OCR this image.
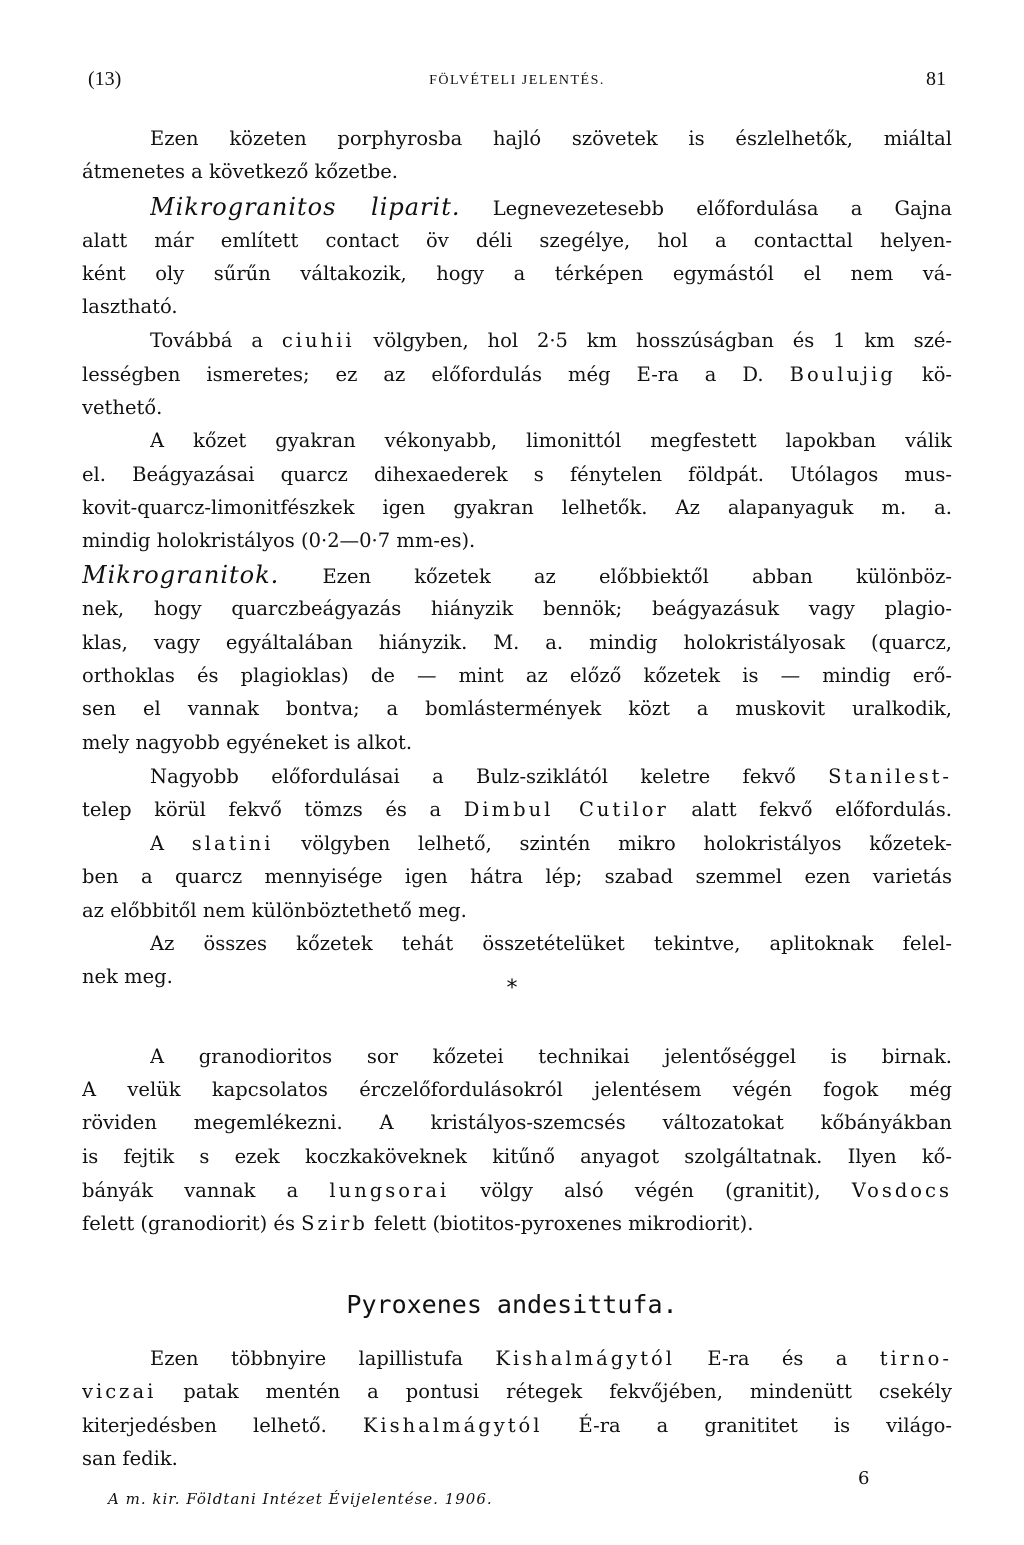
(13)	FÖLVÉTELI JELENTÉS.	81
Ezen közeten porphyrosba hajló szövetek is észlelhetők, miáltal
átmenetes a következő kőzetbe.
Mikrogranitos liparit. Legnevezetesebb előfordulása a Gajna
alatt már említett contact öv déli szegélye, hol a contacttal helyen-
ként oly sűrűn váltakozik, hogy a térképen egymástól el nem vá-
lasztható.
Továbbá a ciuhii völgyben, hol 2·5 km hosszúságban és 1 km szé-
lességben ismeretes; ez az előfordulás még E-ra a D. Boulujig kö-
vethető.
A kőzet gyakran vékonyabb, limonittól megfestett lapokban válik
el. Beágyazásai quarcz dihexaederek s fénytelen földpát. Utólagos mus-
kovit-quarcz-limonitfészkek igen gyakran lelhetők. Az alapanyaguk m. a.
mindig holokristályos (0·2—0·7 mm-es).
Mikrogranitok. Ezen kőzetek az előbbiektől abban különböz-
nek, hogy quarczbeágyazás hiányzik bennök; beágyazásuk vagy plagio-
klas, vagy egyáltalában hiányzik. M. a. mindig holokristályosak (quarcz,
orthoklas és plagioklas) de — mint az előző kőzetek is — mindig erő-
sen el vannak bontva; a bomlástermények közt a muskovit uralkodik,
mely nagyobb egyéneket is alkot.
Nagyobb előfordulásai a Bulz-sziklától keletre fekvő Stanilest-
telep körül fekvő tömzs és a Dimbul Cutilor alatt fekvő előfordulás.
A slatini völgyben lelhető, szintén mikro holokristályos kőzetek-
ben a quarcz mennyisége igen hátra lép; szabad szemmel ezen varietás
az előbbitől nem különböztethető meg.
Az összes kőzetek tehát összetételüket tekintve, aplitoknak felel-
nek meg.	*
A granodioritos sor kőzetei technikai jelentőséggel is birnak.
A velük kapcsolatos érczelőfordulásokról jelentésem végén fogok még
röviden megemlékezni. A kristályos-szemcsés változatokat kőbányákban
is fejtik s ezek koczkaköveknek kitűnő anyagot szolgáltatnak. Ilyen kő-
bányák vannak a lungsorai völgy alsó végén (granitit), Vosdocs
felett (granodiorit) és Szirb felett (biotitos-pyroxenes mikrodiorit).
Pyroxenes andesittufa.
Ezen többnyire lapillistufa Kishalmágytól E-ra és a tirno-
viczai patak mentén a pontusi rétegek fekvőjében, mindenütt csekély
kiterjedésben lelhető. Kishalmágytól É-ra a granititet is világo-
san fedik.
A m. kir. Földtani Intézet Évijelentése. 1906.
6
